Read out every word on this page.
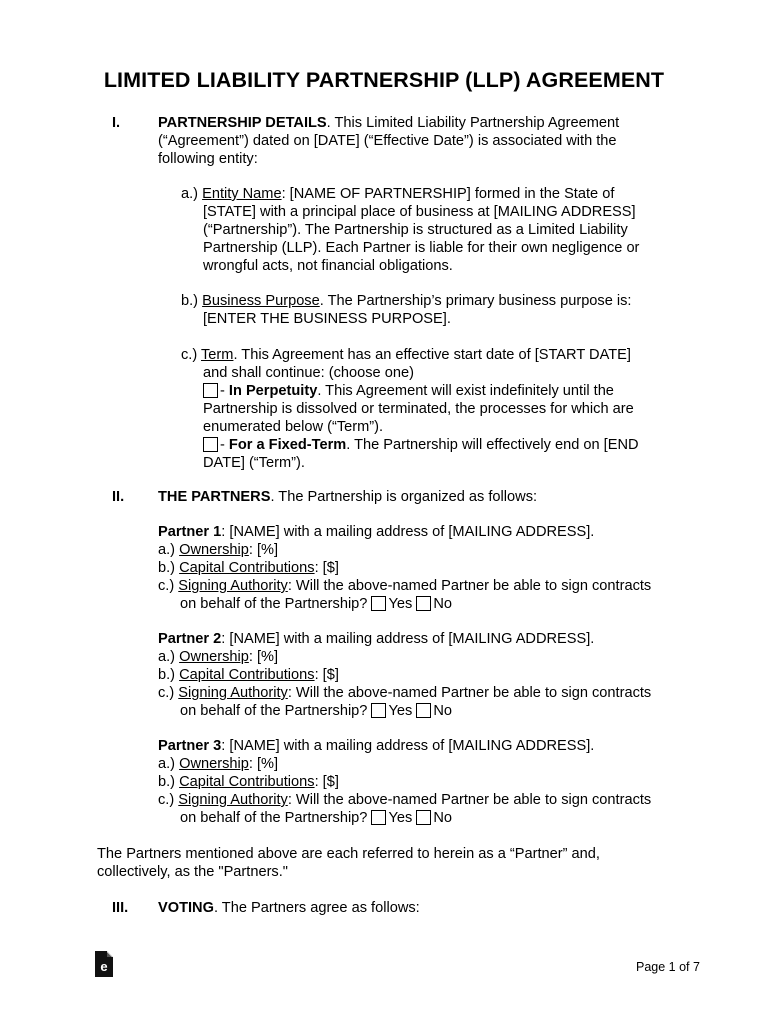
LIMITED LIABILITY PARTNERSHIP (LLP) AGREEMENT
I.	PARTNERSHIP DETAILS. This Limited Liability Partnership Agreement
(“Agreement”) dated on [DATE] (“Effective Date”) is associated with the
following entity:
a.) Entity Name: [NAME OF PARTNERSHIP] formed in the State of
[STATE] with a principal place of business at [MAILING ADDRESS]
(“Partnership”). The Partnership is structured as a Limited Liability
Partnership (LLP). Each Partner is liable for their own negligence or
wrongful acts, not financial obligations.
b.) Business Purpose. The Partnership’s primary business purpose is:
[ENTER THE BUSINESS PURPOSE].
c.) Term. This Agreement has an effective start date of [START DATE]
and shall continue: (choose one)
- In Perpetuity. This Agreement will exist indefinitely until the
Partnership is dissolved or terminated, the processes for which are
enumerated below (“Term”).
- For a Fixed-Term. The Partnership will effectively end on [END
DATE] (“Term”).
II. THE PARTNERS. The Partnership is organized as follows:
Partner 1: [NAME] with a mailing address of [MAILING ADDRESS].
a.) Ownership: [%]
b.) Capital Contributions: [$]
c.) Signing Authority: Will the above-named Partner be able to sign contracts
on behalf of the Partnership? Yes No
Partner 2: [NAME] with a mailing address of [MAILING ADDRESS].
a.) Ownership: [%]
b.) Capital Contributions: [$]
c.) Signing Authority: Will the above-named Partner be able to sign contracts
on behalf of the Partnership? Yes No
Partner 3: [NAME] with a mailing address of [MAILING ADDRESS].
a.) Ownership: [%]
b.) Capital Contributions: [$]
c.) Signing Authority: Will the above-named Partner be able to sign contracts
on behalf of the Partnership? Yes No
The Partners mentioned above are each referred to herein as a “Partner” and,
collectively, as the "Partners."
III. VOTING. The Partners agree as follows:
e	Page 1 of 7
